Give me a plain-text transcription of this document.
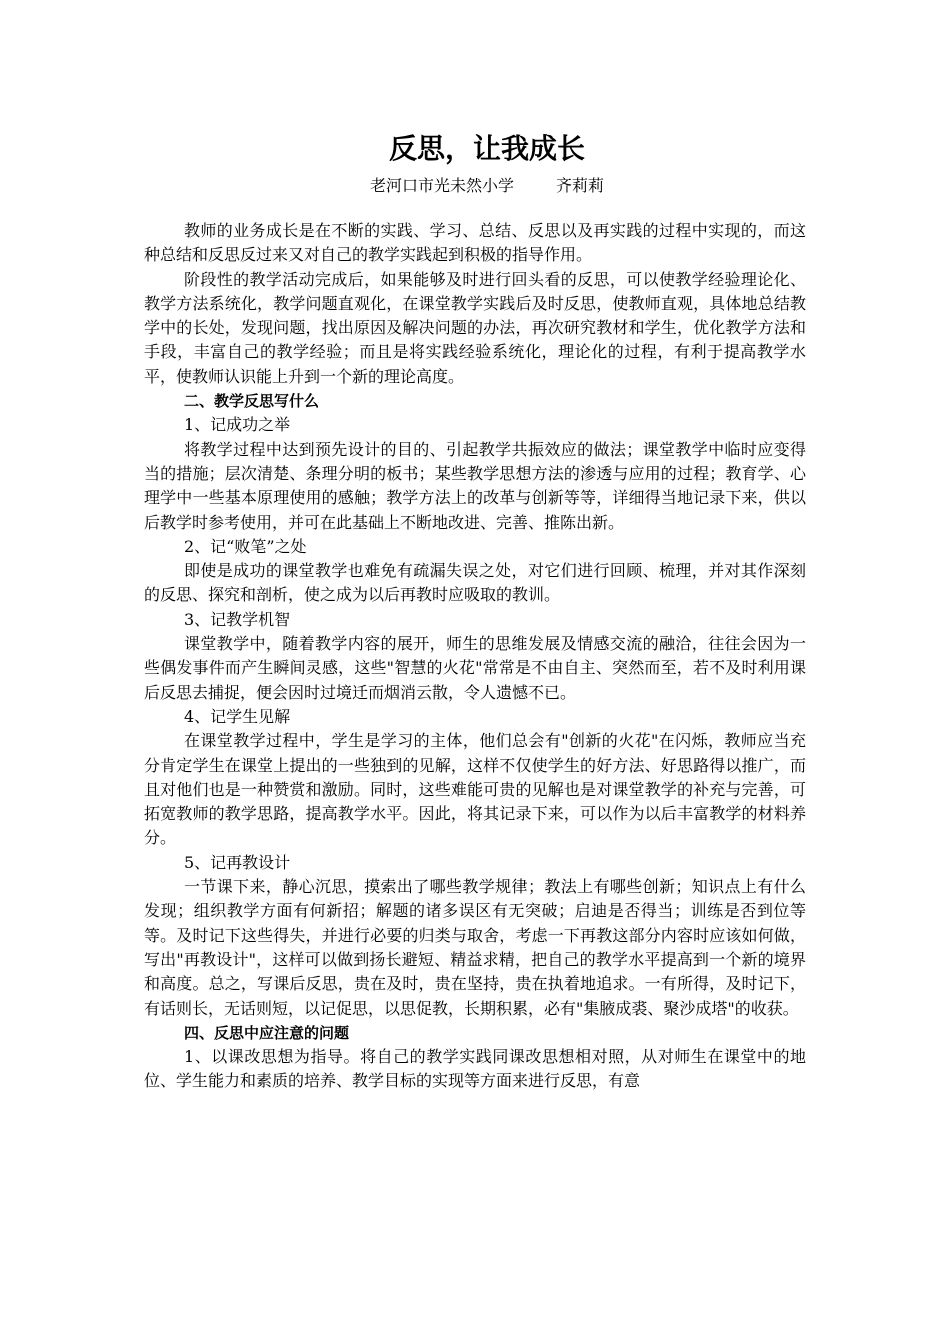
反思，让我成长

老河口市光未然小学	齐莉莉

教师的业务成长是在不断的实践、学习、总结、反思以及再实践的过程中实现的，而这种总结和反思反过来又对自己的教学实践起到积极的指导作用。

阶段性的教学活动完成后，如果能够及时进行回头看的反思，可以使教学经验理论化、教学方法系统化，教学问题直观化，在课堂教学实践后及时反思，使教师直观，具体地总结教学中的长处，发现问题，找出原因及解决问题的办法，再次研究教材和学生，优化教学方法和手段，丰富自己的教学经验；而且是将实践经验系统化，理论化的过程，有利于提高教学水平，使教师认识能上升到一个新的理论高度。

二、教学反思写什么

1、记成功之举

将教学过程中达到预先设计的目的、引起教学共振效应的做法；课堂教学中临时应变得当的措施；层次清楚、条理分明的板书；某些教学思想方法的渗透与应用的过程；教育学、心理学中一些基本原理使用的感触；教学方法上的改革与创新等等，详细得当地记录下来，供以后教学时参考使用，并可在此基础上不断地改进、完善、推陈出新。

2、记“败笔”之处

即使是成功的课堂教学也难免有疏漏失误之处，对它们进行回顾、梳理，并对其作深刻的反思、探究和剖析，使之成为以后再教时应吸取的教训。

3、记教学机智

课堂教学中，随着教学内容的展开，师生的思维发展及情感交流的融洽，往往会因为一些偶发事件而产生瞬间灵感，这些"智慧的火花"常常是不由自主、突然而至，若不及时利用课后反思去捕捉，便会因时过境迁而烟消云散，令人遗憾不已。

4、记学生见解

在课堂教学过程中，学生是学习的主体，他们总会有"创新的火花"在闪烁，教师应当充分肯定学生在课堂上提出的一些独到的见解，这样不仅使学生的好方法、好思路得以推广，而且对他们也是一种赞赏和激励。同时，这些难能可贵的见解也是对课堂教学的补充与完善，可拓宽教师的教学思路，提高教学水平。因此，将其记录下来，可以作为以后丰富教学的材料养分。

5、记再教设计

一节课下来，静心沉思，摸索出了哪些教学规律；教法上有哪些创新；知识点上有什么发现；组织教学方面有何新招；解题的诸多误区有无突破；启迪是否得当；训练是否到位等等。及时记下这些得失，并进行必要的归类与取舍，考虑一下再教这部分内容时应该如何做，写出"再教设计"，这样可以做到扬长避短、精益求精，把自己的教学水平提高到一个新的境界和高度。总之，写课后反思，贵在及时，贵在坚持，贵在执着地追求。一有所得，及时记下，有话则长，无话则短，以记促思，以思促教，长期积累，必有"集腋成裘、聚沙成塔"的收获。

四、反思中应注意的问题

1、以课改思想为指导。将自己的教学实践同课改思想相对照，从对师生在课堂中的地位、学生能力和素质的培养、教学目标的实现等方面来进行反思，有意
